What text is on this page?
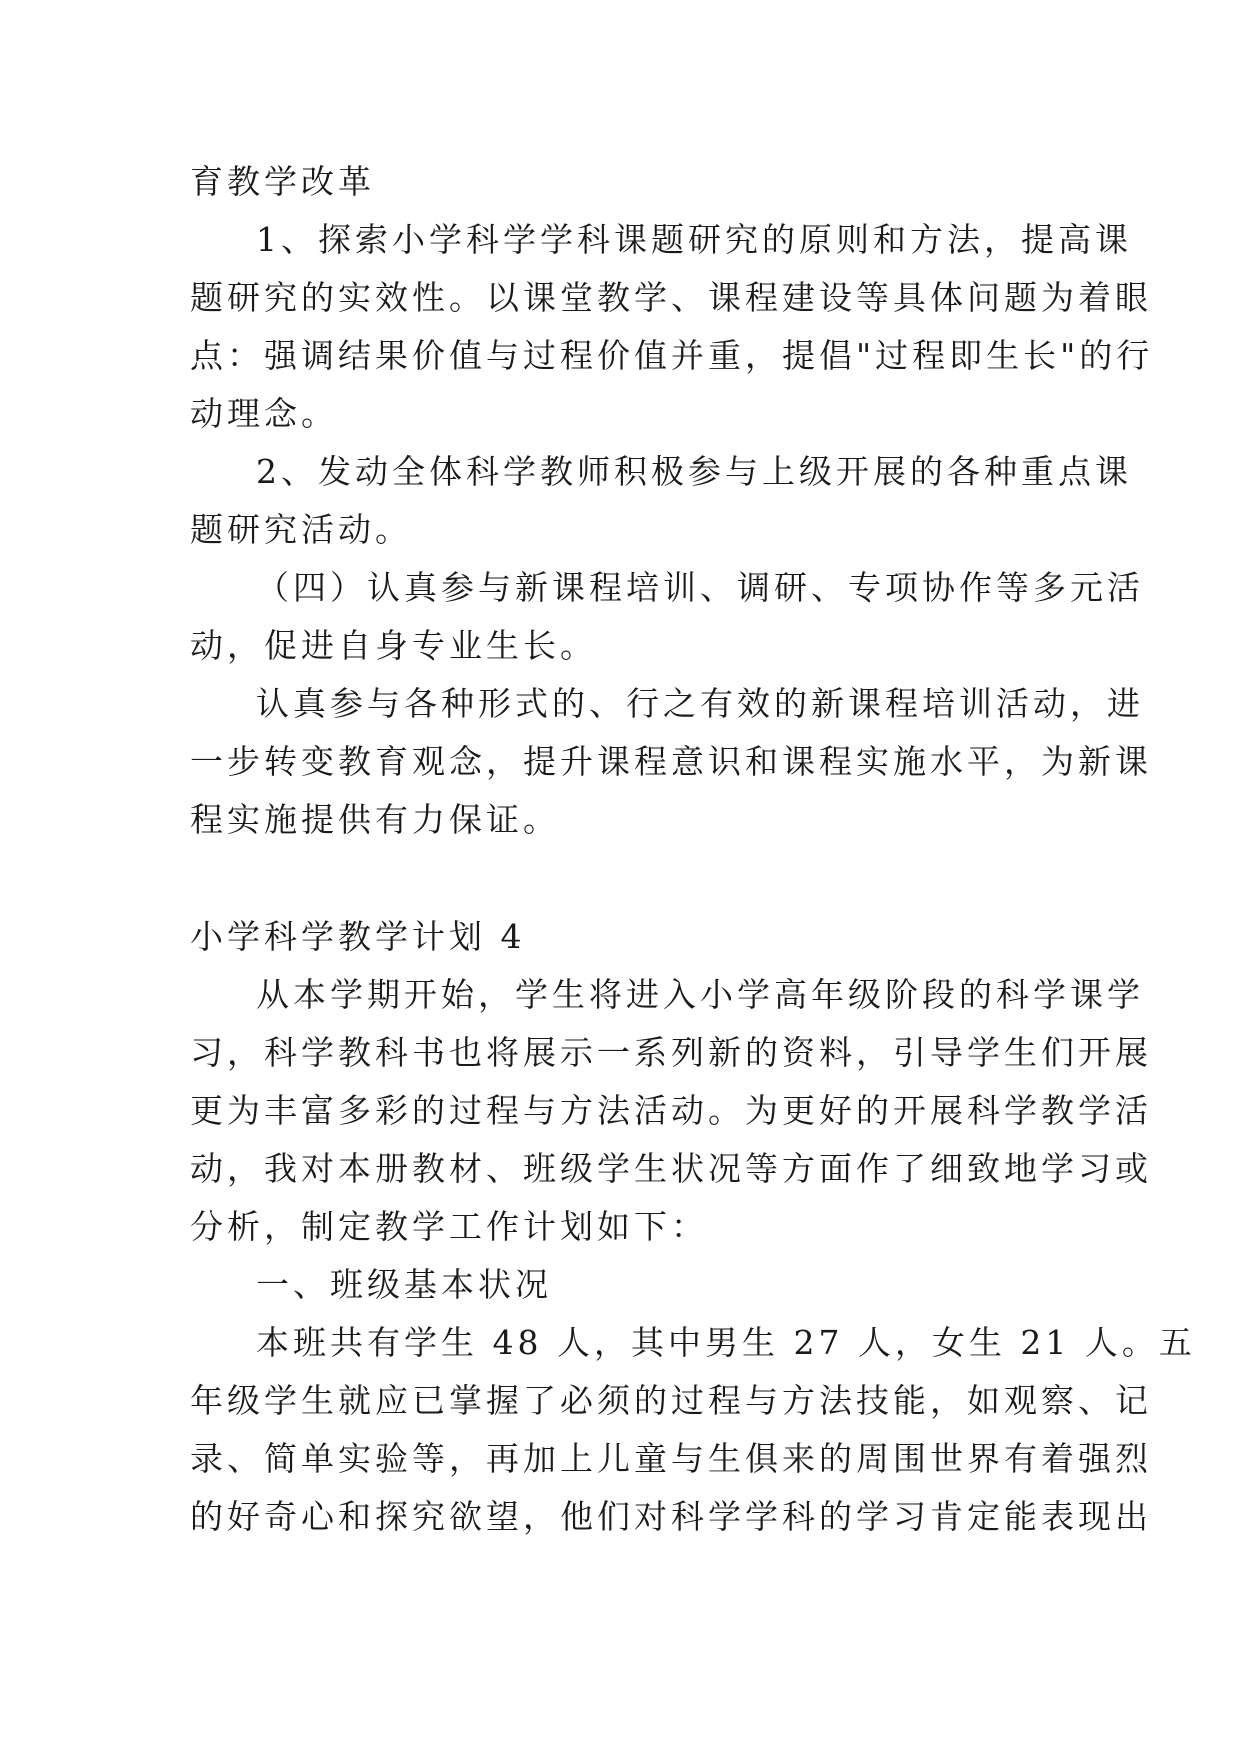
育教学改革
1、探索小学科学学科课题研究的原则和方法，提高课
题研究的实效性。以课堂教学、课程建设等具体问题为着眼
点：强调结果价值与过程价值并重，提倡"过程即生长"的行
动理念。
2、发动全体科学教师积极参与上级开展的各种重点课
题研究活动。
（四）认真参与新课程培训、调研、专项协作等多元活
动，促进自身专业生长。
认真参与各种形式的、行之有效的新课程培训活动，进
一步转变教育观念，提升课程意识和课程实施水平，为新课
程实施提供有力保证。
小学科学教学计划 4
从本学期开始，学生将进入小学高年级阶段的科学课学
习，科学教科书也将展示一系列新的资料，引导学生们开展
更为丰富多彩的过程与方法活动。为更好的开展科学教学活
动，我对本册教材、班级学生状况等方面作了细致地学习或
分析，制定教学工作计划如下：
一、班级基本状况
本班共有学生 48 人，其中男生 27 人，女生 21 人。五
年级学生就应已掌握了必须的过程与方法技能，如观察、记
录、简单实验等，再加上儿童与生俱来的周围世界有着强烈
的好奇心和探究欲望，他们对科学学科的学习肯定能表现出
